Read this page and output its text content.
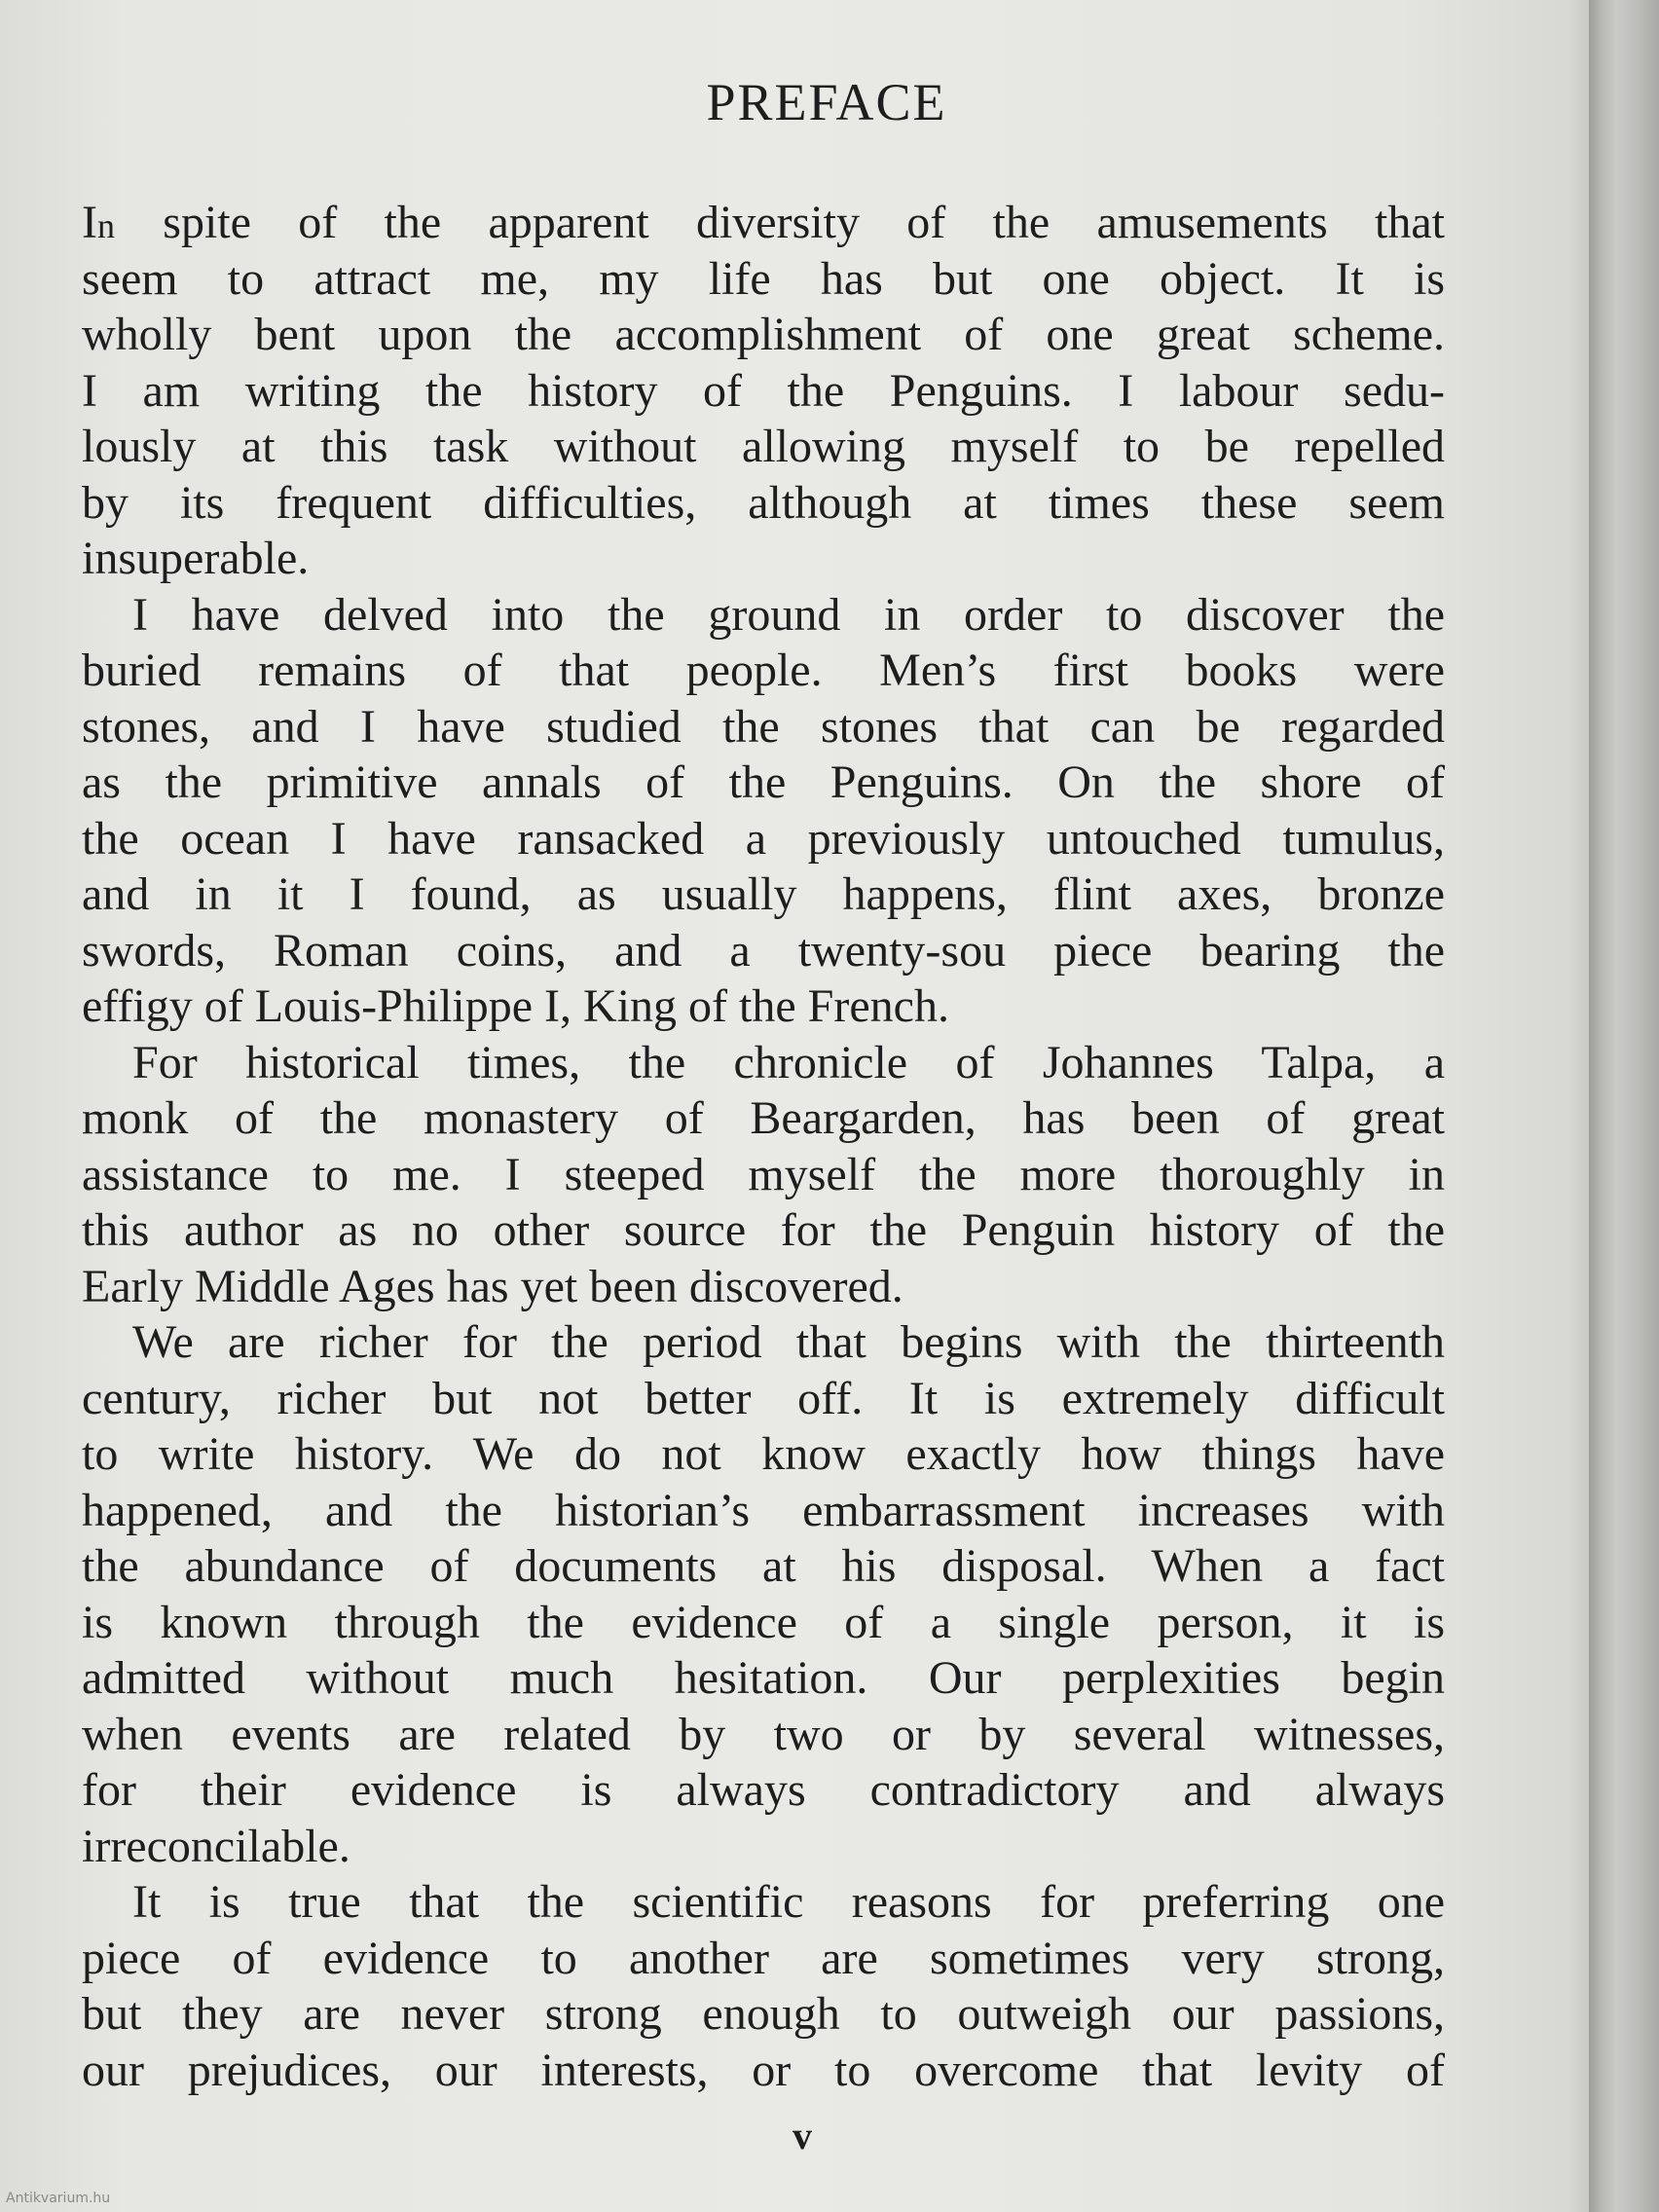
PREFACE
In spite of the apparent diversity of the amusements that
seem to attract me, my life has but one object. It is
wholly bent upon the accomplishment of one great scheme.
I am writing the history of the Penguins. I labour sedu-
lously at this task without allowing myself to be repelled
by its frequent difficulties, although at times these seem
insuperable.
I have delved into the ground in order to discover the
buried remains of that people. Men’s first books were
stones, and I have studied the stones that can be regarded
as the primitive annals of the Penguins. On the shore of
the ocean I have ransacked a previously untouched tumulus,
and in it I found, as usually happens, flint axes, bronze
swords, Roman coins, and a twenty-sou piece bearing the
effigy of Louis-Philippe I, King of the French.
For historical times, the chronicle of Johannes Talpa, a
monk of the monastery of Beargarden, has been of great
assistance to me. I steeped myself the more thoroughly in
this author as no other source for the Penguin history of the
Early Middle Ages has yet been discovered.
We are richer for the period that begins with the thirteenth
century, richer but not better off. It is extremely difficult
to write history. We do not know exactly how things have
happened, and the historian’s embarrassment increases with
the abundance of documents at his disposal. When a fact
is known through the evidence of a single person, it is
admitted without much hesitation. Our perplexities begin
when events are related by two or by several witnesses,
for their evidence is always contradictory and always
irreconcilable.
It is true that the scientific reasons for preferring one
piece of evidence to another are sometimes very strong,
but they are never strong enough to outweigh our passions,
our prejudices, our interests, or to overcome that levity of
v
Antikvarium.hu
